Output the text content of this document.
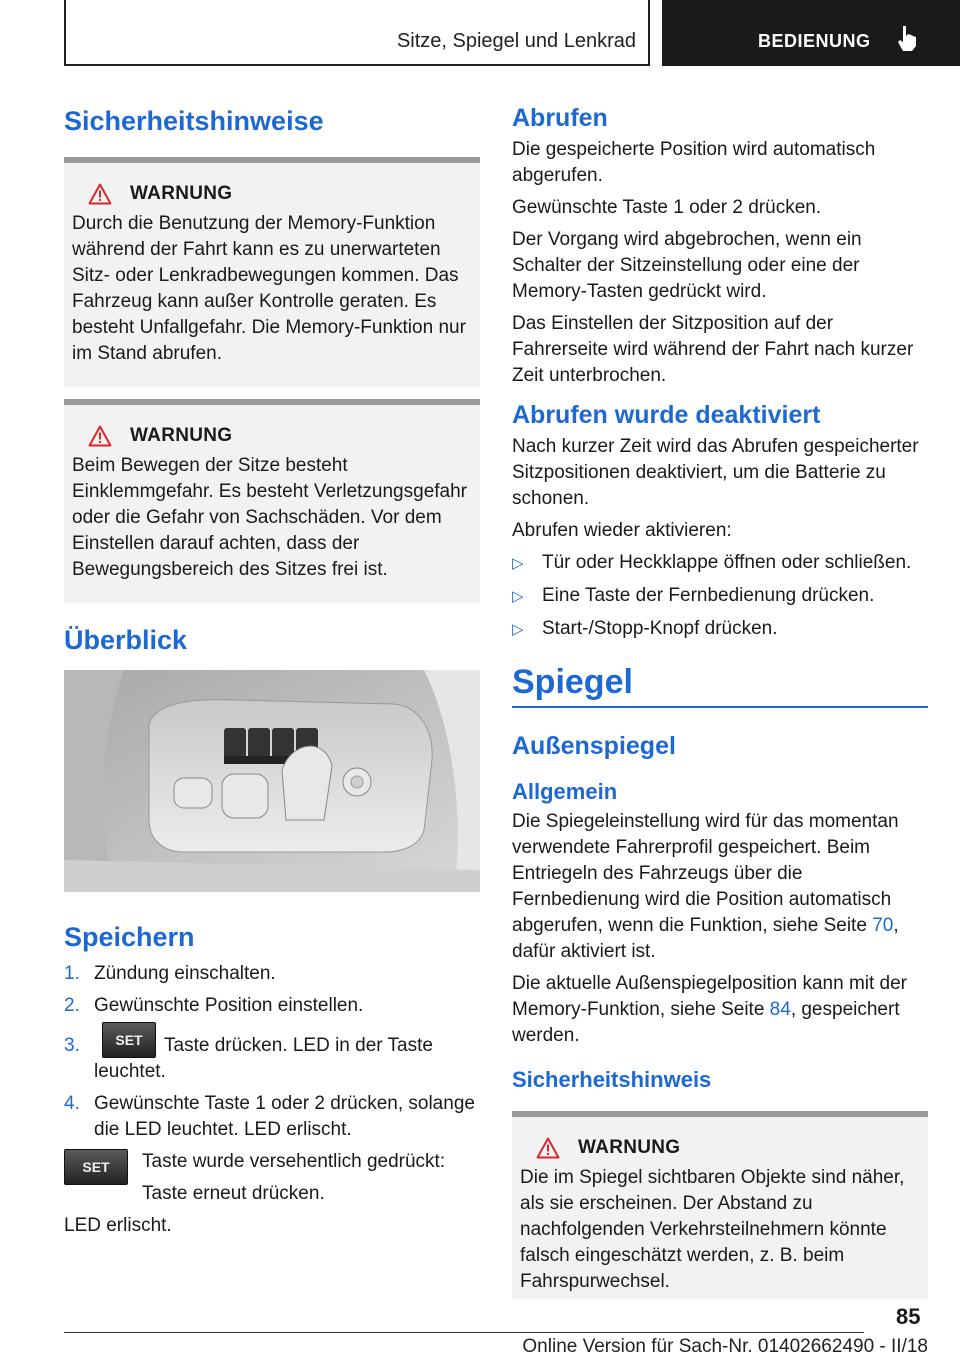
Sitze, Spiegel und Lenkrad	BEDIENUNG
Sicherheitshinweise
WARNUNG

Durch die Benutzung der Memory-Funktion während der Fahrt kann es zu unerwarteten Sitz- oder Lenkradbewegungen kommen. Das Fahrzeug kann außer Kontrolle geraten. Es besteht Unfallgefahr. Die Memory-Funktion nur im Stand abrufen.

WARNUNG

Beim Bewegen der Sitze besteht Einklemmgefahr. Es besteht Verletzungsgefahr oder die Gefahr von Sachschäden. Vor dem Einstellen darauf achten, dass der Bewegungsbereich des Sitzes frei ist.

Überblick
Speichern
1. Zündung einschalten.
2. Gewünschte Position einstellen.
3.	SET Taste drücken. LED in der Taste leuchtet.
4. Gewünschte Taste 1 oder 2 drücken, solange die LED leuchtet. LED erlischt.
SET	Taste wurde versehentlich gedrückt:

Taste erneut drücken.

LED erlischt.

Abrufen

Die gespeicherte Position wird automatisch abgerufen.

Gewünschte Taste 1 oder 2 drücken.

Der Vorgang wird abgebrochen, wenn ein Schalter der Sitzeinstellung oder eine der Memory-Tasten gedrückt wird.

Das Einstellen der Sitzposition auf der Fahrerseite wird während der Fahrt nach kurzer Zeit unterbrochen.

Abrufen wurde deaktiviert

Nach kurzer Zeit wird das Abrufen gespeicherter Sitzpositionen deaktiviert, um die Batterie zu schonen.

Abrufen wieder aktivieren:

▷ Tür oder Heckklappe öffnen oder schließen.
▷ Eine Taste der Fernbedienung drücken.
▷ Start-/Stopp-Knopf drücken.
Spiegel
Außenspiegel
Allgemein

Die Spiegeleinstellung wird für das momentan verwendete Fahrerprofil gespeichert. Beim Entriegeln des Fahrzeugs über die Fernbedienung wird die Position automatisch abgerufen, wenn die Funktion, siehe Seite 70, dafür aktiviert ist.

Die aktuelle Außenspiegelposition kann mit der Memory-Funktion, siehe Seite 84, gespeichert werden.

Sicherheitshinweis
WARNUNG

Die im Spiegel sichtbaren Objekte sind näher, als sie erscheinen. Der Abstand zu nachfolgenden Verkehrsteilnehmern könnte falsch eingeschätzt werden, z. B. beim Fahrspurwechsel.

85
Online Version für Sach-Nr. 01402662490 - II/18
